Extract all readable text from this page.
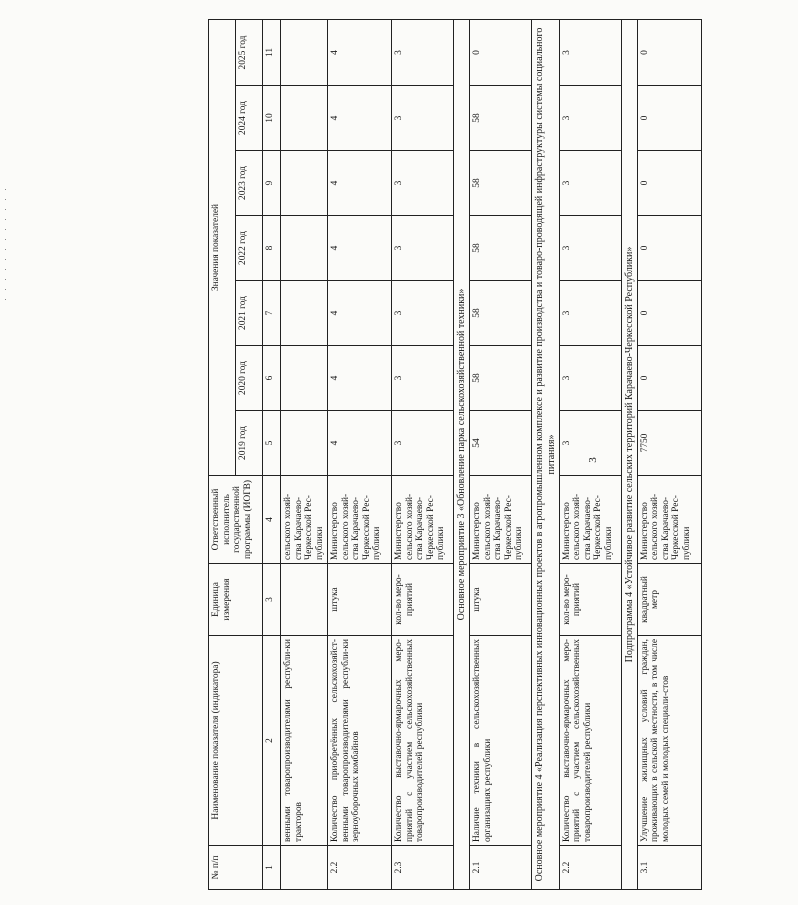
№ п/п	Наименование показателя (индикатора)	Единица измерения	Ответственный исполнитель государственной программы (ИОГВ)	Значения показателей						
				2019 год	2020 год	2021 год	2022 год	2023 год	2024 год	2025 год
1	2	3	4	5	6	7	8	9	10	11
	венными товаропроизводителями республи-ки тракторов		сельского хозяй-ства Карачаево-Черкесской Рес-публики							
2.2	Количество приобретённых сельскохозяйст-венными товаропроизводителями республи-ки зерноуборочных комбайнов	штука	Министерство сельского хозяй-ства Карачаево-Черкесской Рес-публики	4	4	4	4	4	4	4
2.3	Количество выставочно-ярмарочных меро-приятий с участием сельскохозяйственных товаропроизводителей республики	кол-во меро-приятий	Министерство сельского хозяй-ства Карачаево-Черкесской Рес-публики	3	3	3	3	3	3	3
Основное мероприятие 3 «Обновление парка сельскохозяйственной техники»										
2.1	Наличие техники в сельскохозяйственных организациях республики	штука	Министерство сельского хозяй-ства Карачаево-Черкесской Рес-публики	54	58	58	58	58	58	0
Основное мероприятие 4 «Реализация перспективных инновационных проектов в агропромышленном комплексе и развитие производства и товаро-проводящей инфраструктуры системы социального питания»										
2.2	Количество выставочно-ярмарочных меро-приятий с участием сельскохозяйственных товаропроизводителей республики	кол-во меро-приятий	Министерство сельского хозяй-ства Карачаево-Черкесской Рес-публики	3	3	3	3	3	3	3
Подпрограмма 4 «Устойчивое развитие сельских территорий Карачаево-Черкесской Республики»										
3.1	Улучшение жилищных условий граждан, проживающих в сельской местности, в том числе молодых семей и молодых специали-стов	квадратный метр	Министерство сельского хозяй-ства Карачаево-Черкесской Рес-публики	7750	0	0	0	0	0	0
3
